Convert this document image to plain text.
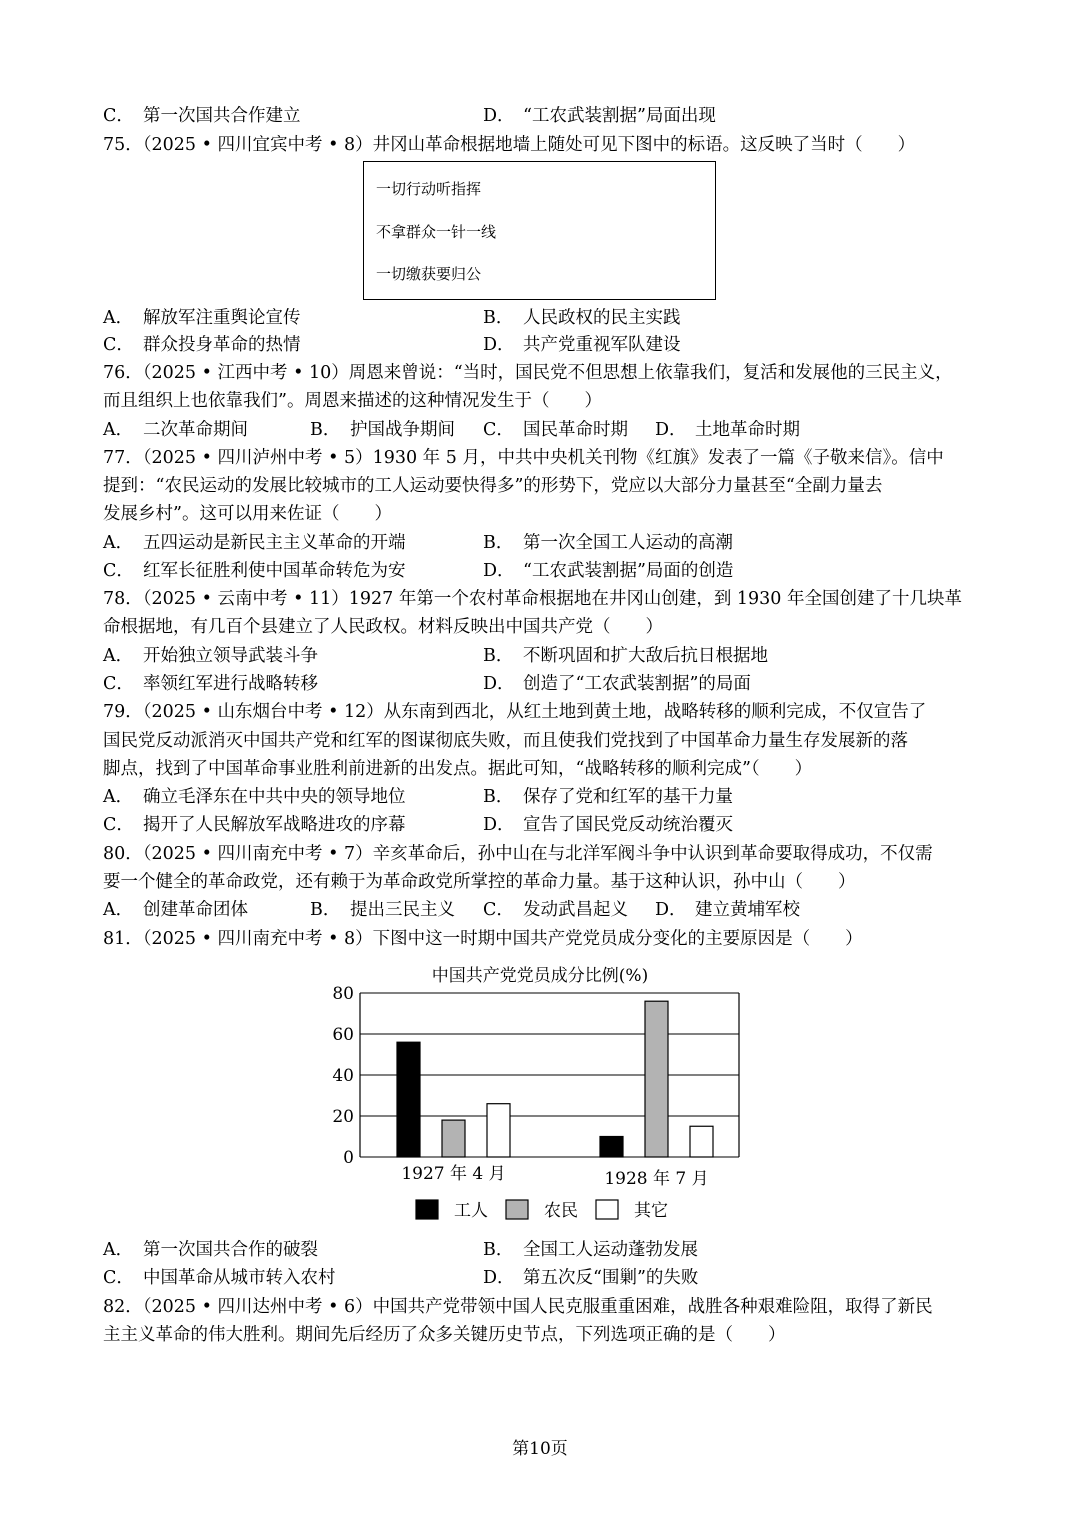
C． 第一次国共合作建立	D． “工农武装割据”局面出现
75．（2025 • 四川宜宾中考 • 8）井冈山革命根据地墙上随处可见下图中的标语。这反映了当时（　　）
一切行动听指挥
不拿群众一针一线
一切缴获要归公
A． 解放军注重舆论宣传	B． 人民政权的民主实践
C． 群众投身革命的热情	D． 共产党重视军队建设
76．（2025 • 江西中考 • 10）周恩来曾说：“当时，国民党不但思想上依靠我们，复活和发展他的三民主义，
而且组织上也依靠我们”。周恩来描述的这种情况发生于（　　）
A． 二次革命期间	B． 护国战争期间 C． 国民革命时期 D． 土地革命时期
77．（2025 • 四川泸州中考 • 5）1930 年 5 月，中共中央机关刊物《红旗》发表了一篇《子敬来信》。信中
提到：“农民运动的发展比较城市的工人运动要快得多”的形势下，党应以大部分力量甚至“全副力量去
发展乡村”。这可以用来佐证（　　）
A． 五四运动是新民主主义革命的开端	B． 第一次全国工人运动的高潮
C． 红军长征胜利使中国革命转危为安	D． “工农武装割据”局面的创造
78．（2025 • 云南中考 • 11）1927 年第一个农村革命根据地在井冈山创建，到 1930 年全国创建了十几块革
命根据地，有几百个县建立了人民政权。材料反映出中国共产党（　　）
A． 开始独立领导武装斗争	B． 不断巩固和扩大敌后抗日根据地
C． 率领红军进行战略转移	D． 创造了“工农武装割据”的局面
79．（2025 • 山东烟台中考 • 12）从东南到西北，从红土地到黄土地，战略转移的顺利完成，不仅宣告了
国民党反动派消灭中国共产党和红军的图谋彻底失败，而且使我们党找到了中国革命力量生存发展新的落
脚点，找到了中国革命事业胜利前进新的出发点。据此可知，“战略转移的顺利完成”（　　）
A． 确立毛泽东在中共中央的领导地位	B． 保存了党和红军的基干力量
C． 揭开了人民解放军战略进攻的序幕	D． 宣告了国民党反动统治覆灭
80．（2025 • 四川南充中考 • 7）辛亥革命后，孙中山在与北洋军阀斗争中认识到革命要取得成功，不仅需
要一个健全的革命政党，还有赖于为革命政党所掌控的革命力量。基于这种认识，孙中山（　　）
A． 创建革命团体	B． 提出三民主义 C． 发动武昌起义 D． 建立黄埔军校
81．（2025 • 四川南充中考 • 8）下图中这一时期中国共产党党员成分变化的主要原因是（　　）
中国共产党党员成分比例(%)
0
20
40
60
80
1927 年 4 月	1928 年 7 月
工人	农民	其它
A． 第一次国共合作的破裂	B． 全国工人运动蓬勃发展
C． 中国革命从城市转入农村	D． 第五次反“围剿”的失败
82．（2025 • 四川达州中考 • 6）中国共产党带领中国人民克服重重困难，战胜各种艰难险阻，取得了新民
主主义革命的伟大胜利。期间先后经历了众多关键历史节点，下列选项正确的是（　　）
第10页
